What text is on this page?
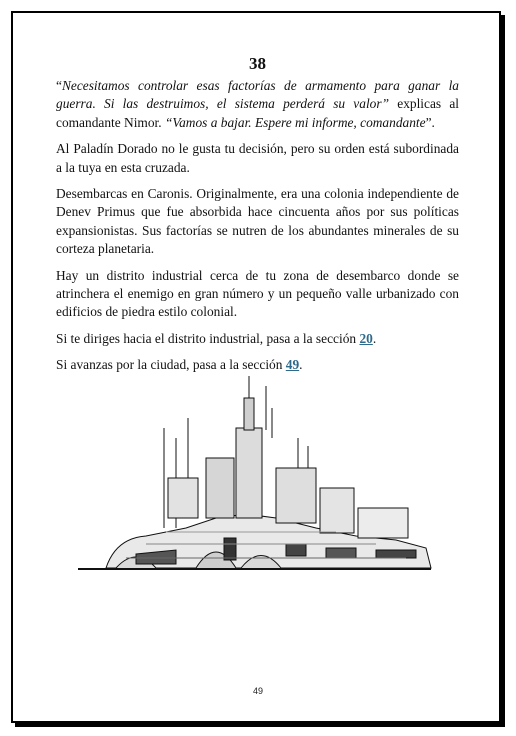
38

“Necesitamos controlar esas factorías de armamento para ganar la guerra. Si las destruimos, el sistema perderá su valor” explicas al comandante Nimor. “Vamos a bajar. Espere mi informe, comandante”.

Al Paladín Dorado no le gusta tu decisión, pero su orden está subordinada a la tuya en esta cruzada.

Desembarcas en Caronis. Originalmente, era una colonia independiente de Denev Primus que fue absorbida hace cincuenta años por sus políticas expansionistas. Sus factorías se nutren de los abundantes minerales de su corteza planetaria.

Hay un distrito industrial cerca de tu zona de desembarco donde se atrinchera el enemigo en gran número y un pequeño valle urbanizado con edificios de piedra estilo colonial.

Si te diriges hacia el distrito industrial, pasa a la sección 20.

Si avanzas por la ciudad, pasa a la sección 49.

49
